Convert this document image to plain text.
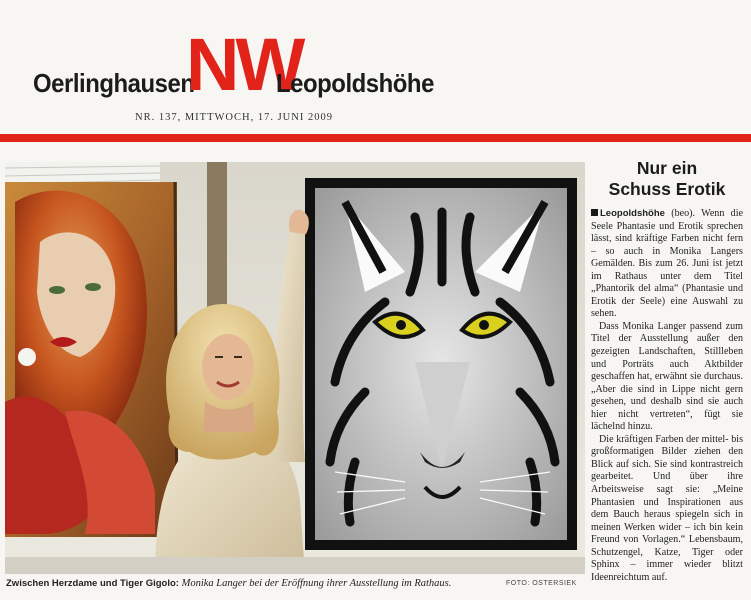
Oerlinghausen
NW
Leopoldshöhe
NR. 137, MITTWOCH, 17. JUNI 2009
Zwischen Herzdame und Tiger Gigolo: Monika Langer bei der Eröffnung ihrer Ausstellung im Rathaus.	FOTO: OSTERSIEK
Nur ein
Schuss Erotik

Leopoldshöhe (beo). Wenn die Seele Phantasie und Erotik sprechen lässt, sind kräftige Farben nicht fern – so auch in Monika Langers Gemälden. Bis zum 26. Juni ist jetzt im Rathaus unter dem Titel „Phantorik del alma“ (Phantasie und Erotik der Seele) eine Auswahl zu sehen.

Dass Monika Langer passend zum Titel der Ausstellung außer den gezeigten Landschaften, Stillleben und Porträts auch Aktbilder geschaffen hat, erwähnt sie durchaus. „Aber die sind in Lippe nicht gern gesehen, und deshalb sind sie auch hier nicht vertreten“, fügt sie lächelnd hinzu.

Die kräftigen Farben der mittel- bis großformatigen Bilder ziehen den Blick auf sich. Sie sind kontrastreich gearbeitet. Und über ihre Arbeitsweise sagt sie: „Meine Phantasien und Inspirationen aus dem Bauch heraus spiegeln sich in meinen Werken wider – ich bin kein Freund von Vorlagen.“ Lebensbaum, Schutzengel, Katze, Tiger oder Sphinx – immer wieder blitzt Ideenreichtum auf.
